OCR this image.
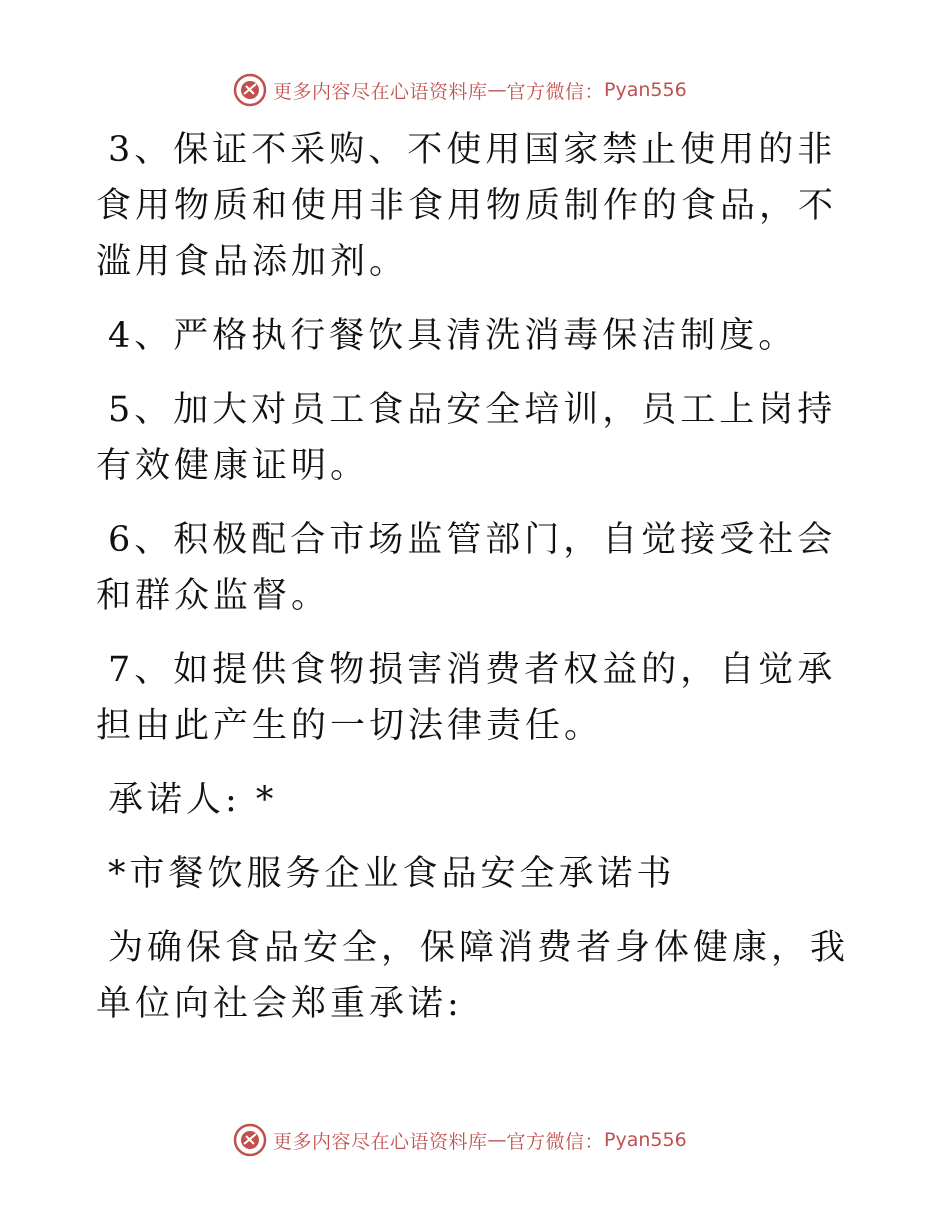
更多内容尽在心语资料库 — 官方微信： Pyan556

3、保证不采购、不使用国家禁止使用的非食用物质和使用非食用物质制作的食品，不滥用食品添加剂。

4、严格执行餐饮具清洗消毒保洁制度。

5、加大对员工食品安全培训，员工上岗持有效健康证明。

6、积极配合市场监管部门，自觉接受社会和群众监督。

7、如提供食物损害消费者权益的，自觉承担由此产生的一切法律责任。

承诺人: *

*市餐饮服务企业食品安全承诺书

为确保食品安全，保障消费者身体健康，我单位向社会郑重承诺:

更多内容尽在心语资料库 — 官方微信： Pyan556
